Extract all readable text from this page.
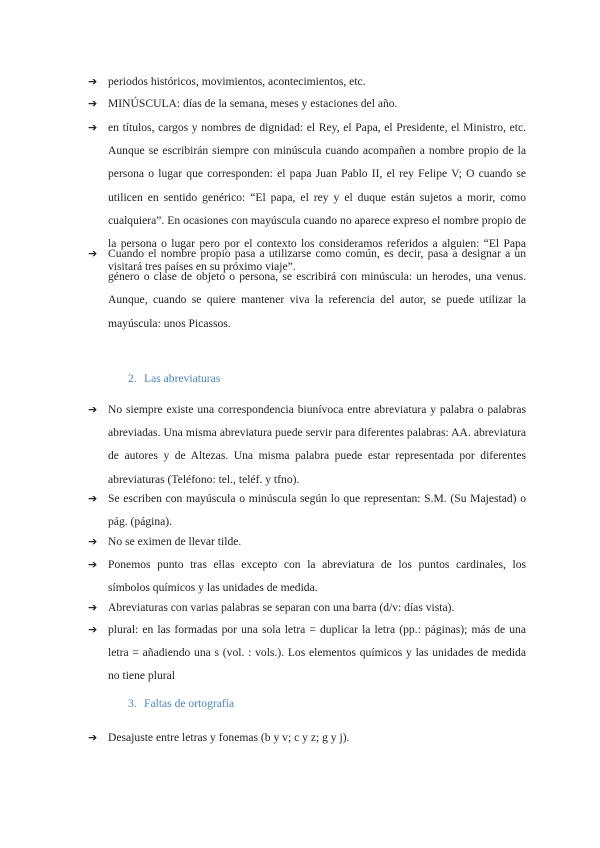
➔ periodos históricos, movimientos, acontecimientos, etc.
➔ MINÚSCULA: días de la semana, meses y estaciones del año.
➔ en títulos, cargos y nombres de dignidad: el Rey, el Papa, el Presidente, el Ministro, etc. Aunque se escribirán siempre con minúscula cuando acompañen a nombre propio de la persona o lugar que corresponden: el papa Juan Pablo II, el rey Felipe V; O cuando se utilicen en sentido genérico: “El papa, el rey y el duque están sujetos a morir, como cualquiera”. En ocasiones con mayúscula cuando no aparece expreso el nombre propio de la persona o lugar pero por el contexto los consideramos referidos a alguien: “El Papa visitará tres países en su próximo viaje”.
➔ Cuando el nombre propio pasa a utilizarse como común, es decir, pasa a designar a un género o clase de objeto o persona, se escribirá con minúscula: un herodes, una venus. Aunque, cuando se quiere mantener viva la referencia del autor, se puede utilizar la mayúscula: unos Picassos.
2. Las abreviaturas
➔ No siempre existe una correspondencia biunívoca entre abreviatura y palabra o palabras abreviadas. Una misma abreviatura puede servir para diferentes palabras: AA. abreviatura de autores y de Altezas. Una misma palabra puede estar representada por diferentes abreviaturas (Teléfono: tel., teléf. y tfno).
➔ Se escriben con mayúscula o minúscula según lo que representan: S.M. (Su Majestad) o pág. (página).
➔ No se eximen de llevar tilde.
➔ Ponemos punto tras ellas excepto con la abreviatura de los puntos cardinales, los símbolos químicos y las unidades de medida.
➔ Abreviaturas con varias palabras se separan con una barra (d/v: días vista).
➔ plural: en las formadas por una sola letra = duplicar la letra (pp.: páginas); más de una letra = añadiendo una s (vol. : vols.). Los elementos químicos y las unidades de medida no tiene plural
3. Faltas de ortografía
➔ Desajuste entre letras y fonemas (b y v; c y z; g y j).
